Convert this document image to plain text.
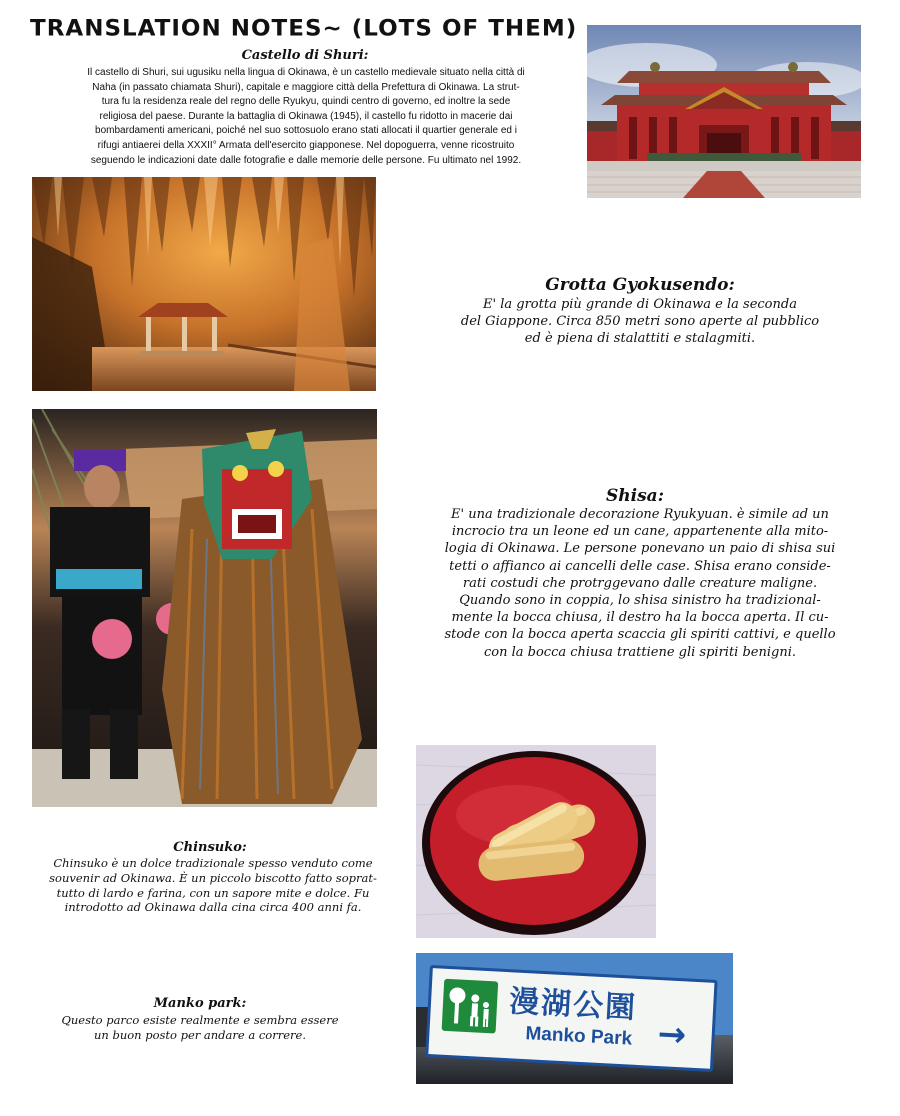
TRANSLATION NOTES~ (LOTS OF THEM)
Castello di Shuri:
Il castello di Shuri, sui ugusiku nella lingua di Okinawa, è un castello medievale situato nella città di
Naha (in passato chiamata Shuri), capitale e maggiore città della Prefettura di Okinawa. La strut-
tura fu la residenza reale del regno delle Ryukyu, quindi centro di governo, ed inoltre la sede
religiosa del paese. Durante la battaglia di Okinawa (1945), il castello fu ridotto in macerie dai
bombardamenti americani, poiché nel suo sottosuolo erano stati allocati il quartier generale ed i
rifugi antiaerei della XXXII° Armata dell'esercito giapponese. Nel dopoguerra, venne ricostruito
seguendo le indicazioni date dalle fotografie e dalle memorie delle persone. Fu ultimato nel 1992.
Grotta Gyokusendo:
E' la grotta più grande di Okinawa e la seconda
del Giappone. Circa 850 metri sono aperte al pubblico
ed è piena di stalattiti e stalagmiti.
Shisa:
E' una tradizionale decorazione Ryukyuan. è simile ad un
incrocio tra un leone ed un cane, appartenente alla mito-
logia di Okinawa. Le persone ponevano un paio di shisa sui
tetti o affianco ai cancelli delle case. Shisa erano conside-
rati costudi che protrggevano dalle creature maligne.
Quando sono in coppia, lo shisa sinistro ha tradizional-
mente la bocca chiusa, il destro ha la bocca aperta. Il cu-
stode con la bocca aperta scaccia gli spiriti cattivi, e quello
con la bocca chiusa trattiene gli spiriti benigni.
Chinsuko:
Chinsuko è un dolce tradizionale spesso venduto come
souvenir ad Okinawa. È un piccolo biscotto fatto soprat-
tutto di lardo e farina, con un sapore mite e dolce. Fu
introdotto ad Okinawa dalla cina circa 400 anni fa.
Manko park:
Questo parco esiste realmente e sembra essere
un buon posto per andare a correre.
漫湖公園
Manko Park →
